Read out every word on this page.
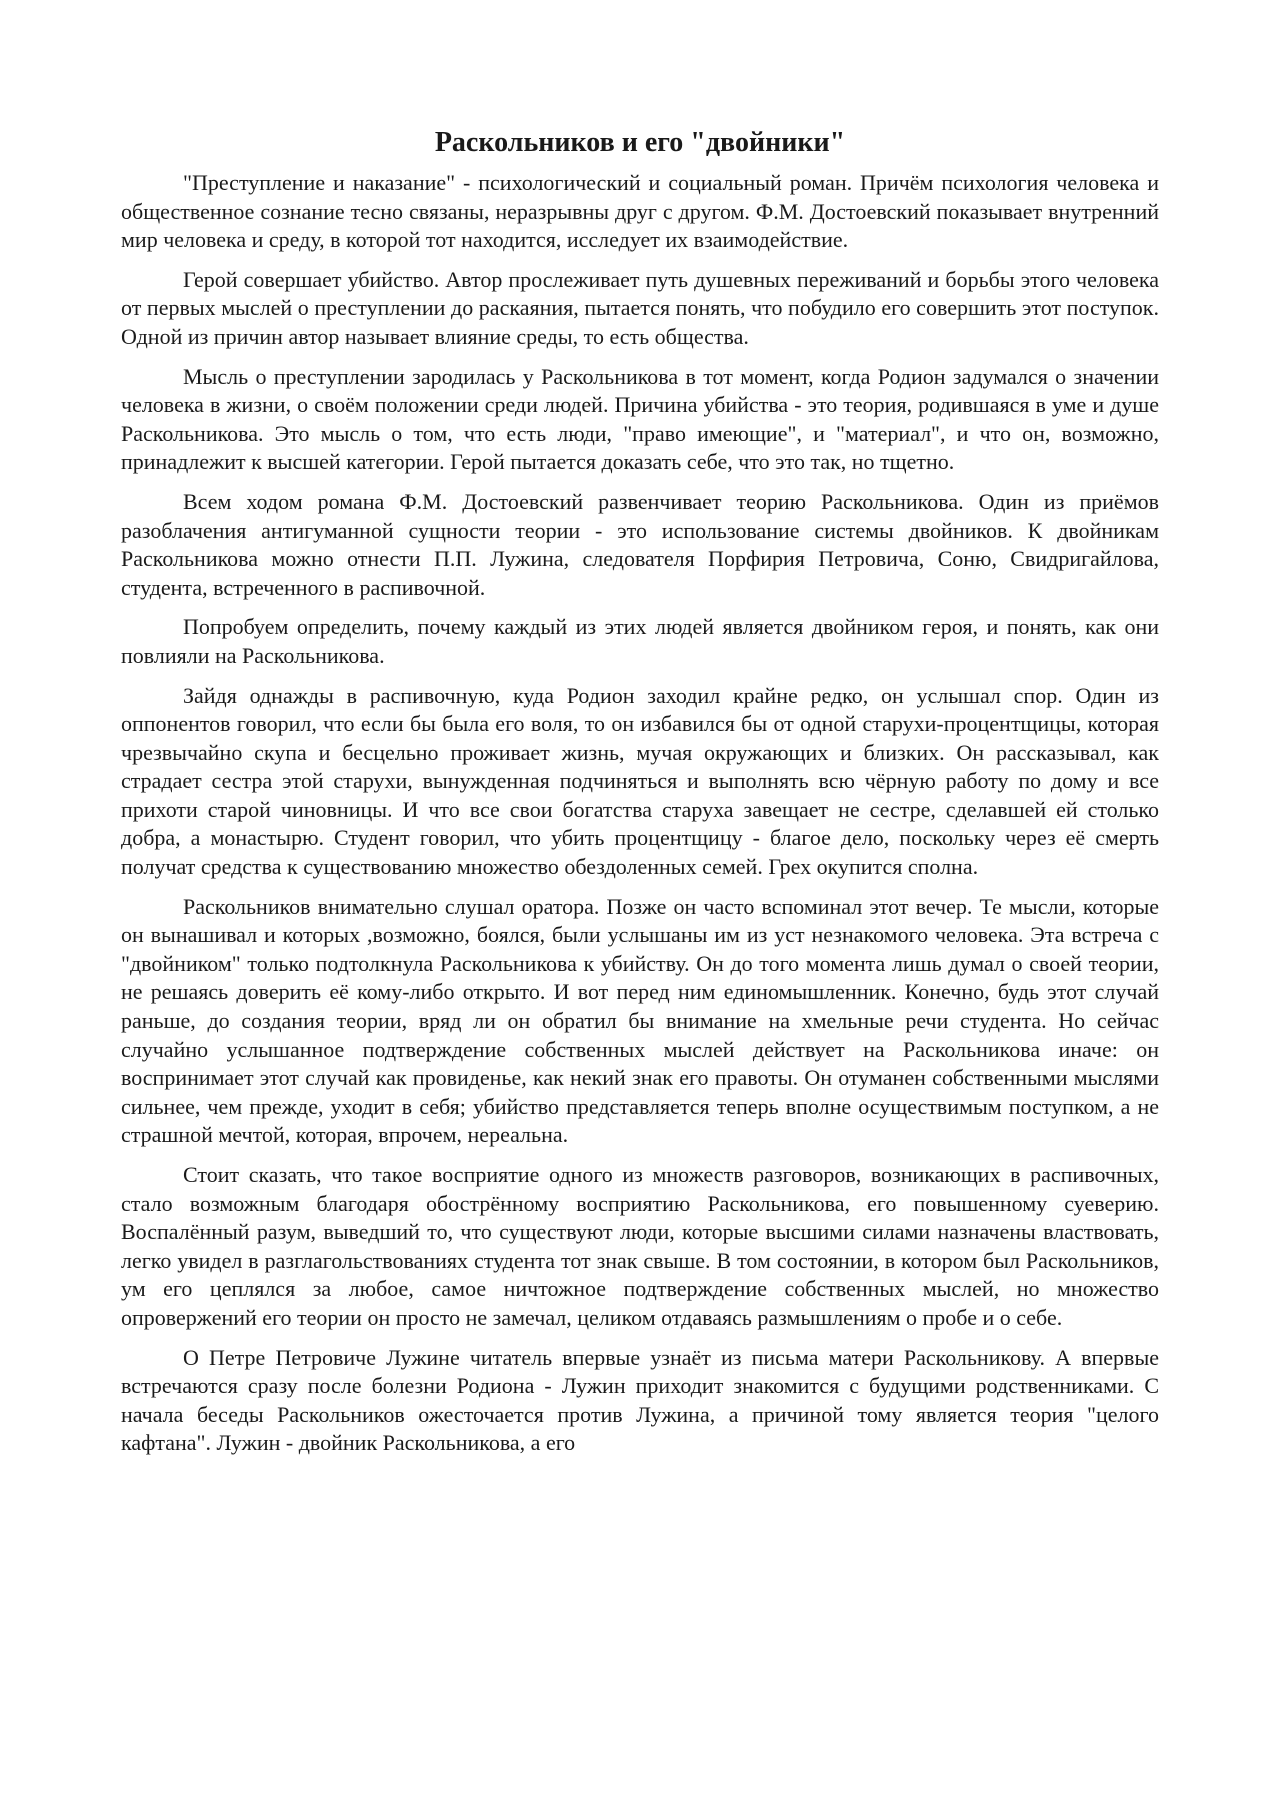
Раскольников и его "двойники"

"Преступление и наказание" - психологический и социальный роман. Причём психология человека и общественное сознание тесно связаны, неразрывны друг с другом. Ф.М. Достоевский показывает внутренний мир человека и среду, в которой тот находится, исследует их взаимодействие.

Герой совершает убийство. Автор прослеживает путь душевных переживаний и борьбы этого человека от первых мыслей о преступлении до раскаяния, пытается понять, что побудило его совершить этот поступок. Одной из причин автор называет влияние среды, то есть общества.

Мысль о преступлении зародилась у Раскольникова в тот момент, когда Родион задумался о значении человека в жизни, о своём положении среди людей. Причина убийства - это теория, родившаяся в уме и душе Раскольникова. Это мысль о том, что есть люди, "право имеющие", и "материал", и что он, возможно, принадлежит к высшей категории. Герой пытается доказать себе, что это так, но тщетно.

Всем ходом романа Ф.М. Достоевский развенчивает теорию Раскольникова. Один из приёмов разоблачения антигуманной сущности теории - это использование системы двойников. К двойникам Раскольникова можно отнести П.П. Лужина, следователя Порфирия Петровича, Соню, Свидригайлова, студента, встреченного в распивочной.

Попробуем определить, почему каждый из этих людей является двойником героя, и понять, как они повлияли на Раскольникова.

Зайдя однажды в распивочную, куда Родион заходил крайне редко, он услышал спор. Один из оппонентов говорил, что если бы была его воля, то он избавился бы от одной старухи-процентщицы, которая чрезвычайно скупа и бесцельно проживает жизнь, мучая окружающих и близких. Он рассказывал, как страдает сестра этой старухи, вынужденная подчиняться и выполнять всю чёрную работу по дому и все прихоти старой чиновницы. И что все свои богатства старуха завещает не сестре, сделавшей ей столько добра, а монастырю. Студент говорил, что убить процентщицу - благое дело, поскольку через её смерть получат средства к существованию множество обездоленных семей. Грех окупится сполна.

Раскольников внимательно слушал оратора. Позже он часто вспоминал этот вечер. Те мысли, которые он вынашивал и которых ,возможно, боялся, были услышаны им из уст незнакомого человека. Эта встреча с "двойником" только подтолкнула Раскольникова к убийству. Он до того момента лишь думал о своей теории, не решаясь доверить её кому-либо открыто. И вот перед ним единомышленник. Конечно, будь этот случай раньше, до создания теории, вряд ли он обратил бы внимание на хмельные речи студента. Но сейчас случайно услышанное подтверждение собственных мыслей действует на Раскольникова иначе: он воспринимает этот случай как провиденье, как некий знак его правоты. Он отуманен собственными мыслями сильнее, чем прежде, уходит в себя; убийство представляется теперь вполне осуществимым поступком, а не страшной мечтой, которая, впрочем, нереальна.

Стоит сказать, что такое восприятие одного из множеств разговоров, возникающих в распивочных, стало возможным благодаря обострённому восприятию Раскольникова, его повышенному суеверию. Воспалённый разум, выведший то, что существуют люди, которые высшими силами назначены властвовать, легко увидел в разглагольствованиях студента тот знак свыше. В том состоянии, в котором был Раскольников, ум его цеплялся за любое, самое ничтожное подтверждение собственных мыслей, но множество опровержений его теории он просто не замечал, целиком отдаваясь размышлениям о пробе и о себе.

О Петре Петровиче Лужине читатель впервые узнаёт из письма матери Раскольникову. А впервые встречаются сразу после болезни Родиона - Лужин приходит знакомится с будущими родственниками. С начала беседы Раскольников ожесточается против Лужина, а причиной тому является теория "целого кафтана". Лужин - двойник Раскольникова, а его
